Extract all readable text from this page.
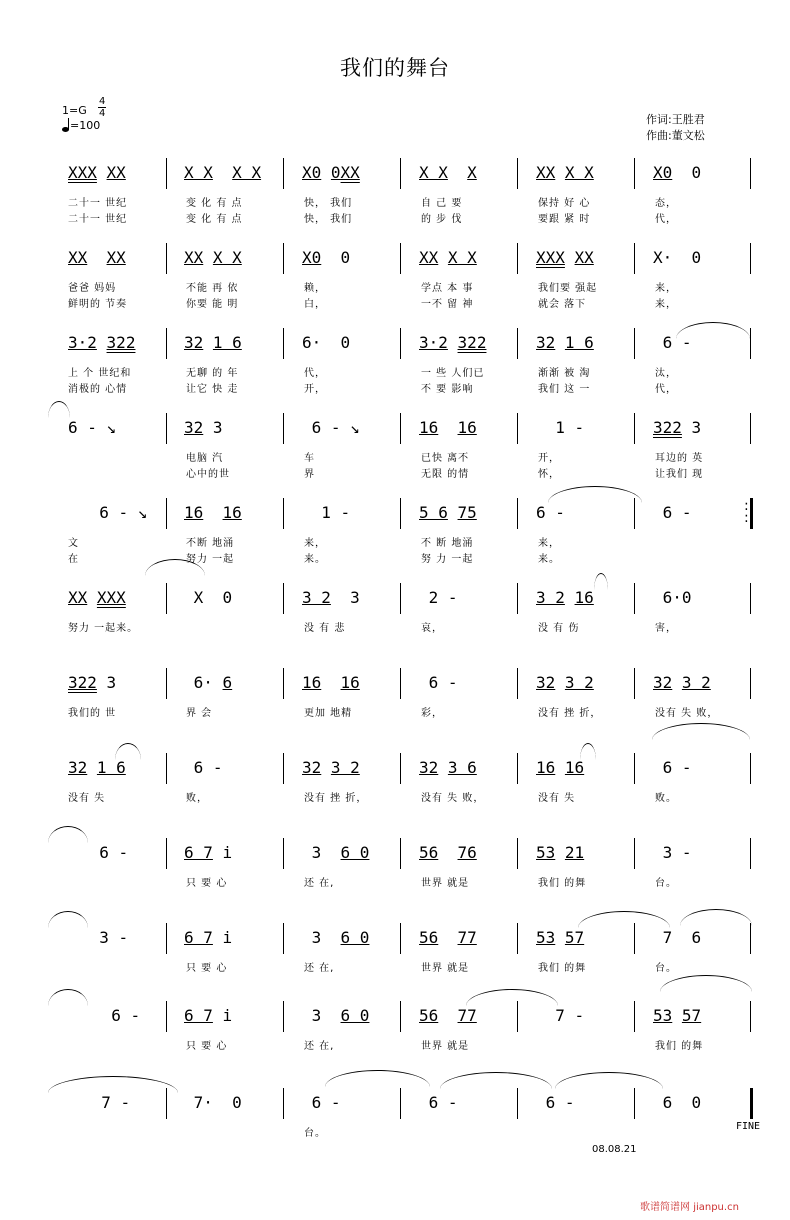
我们的舞台
1=G
4
4
=100	作词:王胜君
作曲:董文松
XXX XX	X X X X	X0 0XX	X X X	XX X X	X0  0
二十一 世纪	变 化 有 点	快， 我们	自 己 要	保持 好 心	态，
二十一 世纪	变 化 有 点	快， 我们	的 步 伐	要跟 紧 时	代，
XX XX	XX X X	X0  0	XX X X	XXX XX	X·  0
爸爸 妈妈	不能 再 依	赖，	学点 本 事	我们要 强起	来，
鲜明的 节奏	你要 能 明	白，	一不 留 神	就会 落下	来，
3·2 322	32 1 6	6·  0	3·2 322	32 1 6	6 -
上 个 世纪和	无聊 的 年	代，	一 些 人们已	渐渐 被 淘	汰，
消极的 心情	让它 快 走	开，	不 要 影响	我们 这 一	代，
6 - ↘	32 3	6 - ↘	16 16	1 -	322 3
电脑 汽	车	已快 离不	开，	耳边的 英
心中的世	界	无限 的情	怀，	让我们 现
6 - ↘ 16 16	1 -	5 6 75	6 -	6 -
文	不断 地涌	来，	不 断 地涌	来，
在	努力 一起	来。	努 力 一起	来。
:
:
XX XXX	X  0	3 2  3	2 -	3 2 16	6·0
努力 一起来。	没 有 悲	哀，	没 有 伤	害，
322 3	6· 6	16 16	6 -	32 3 2	32 3 2
我们的 世	界 会	更加 地精	彩，	没有 挫 折，	没有 失 败，
32 1 6	6 -	32 3 2	32 3 6	16 16	6 -
没有 失	败，	没有 挫 折，	没有 失 败，	没有 失	败。
6 -	6 7 i	3  6 0	56 76	53 21	3 -
只 要 心	还 在,	世界 就是	我们 的舞	台。
3 -	6 7 i	3  6 0	56 77	53 57	7  6
只 要 心	还 在,	世界 就是	我们 的舞	台。
6 -	6 7 i	3  6 0	56 77	7 -	53 57
只 要 心	还 在,	世界 就是	我们 的舞
7 -	7·  0	6 -	6 -	6 -	6  0
台。
FINE
08.08.21
歌谱简谱网 jianpu.cn
